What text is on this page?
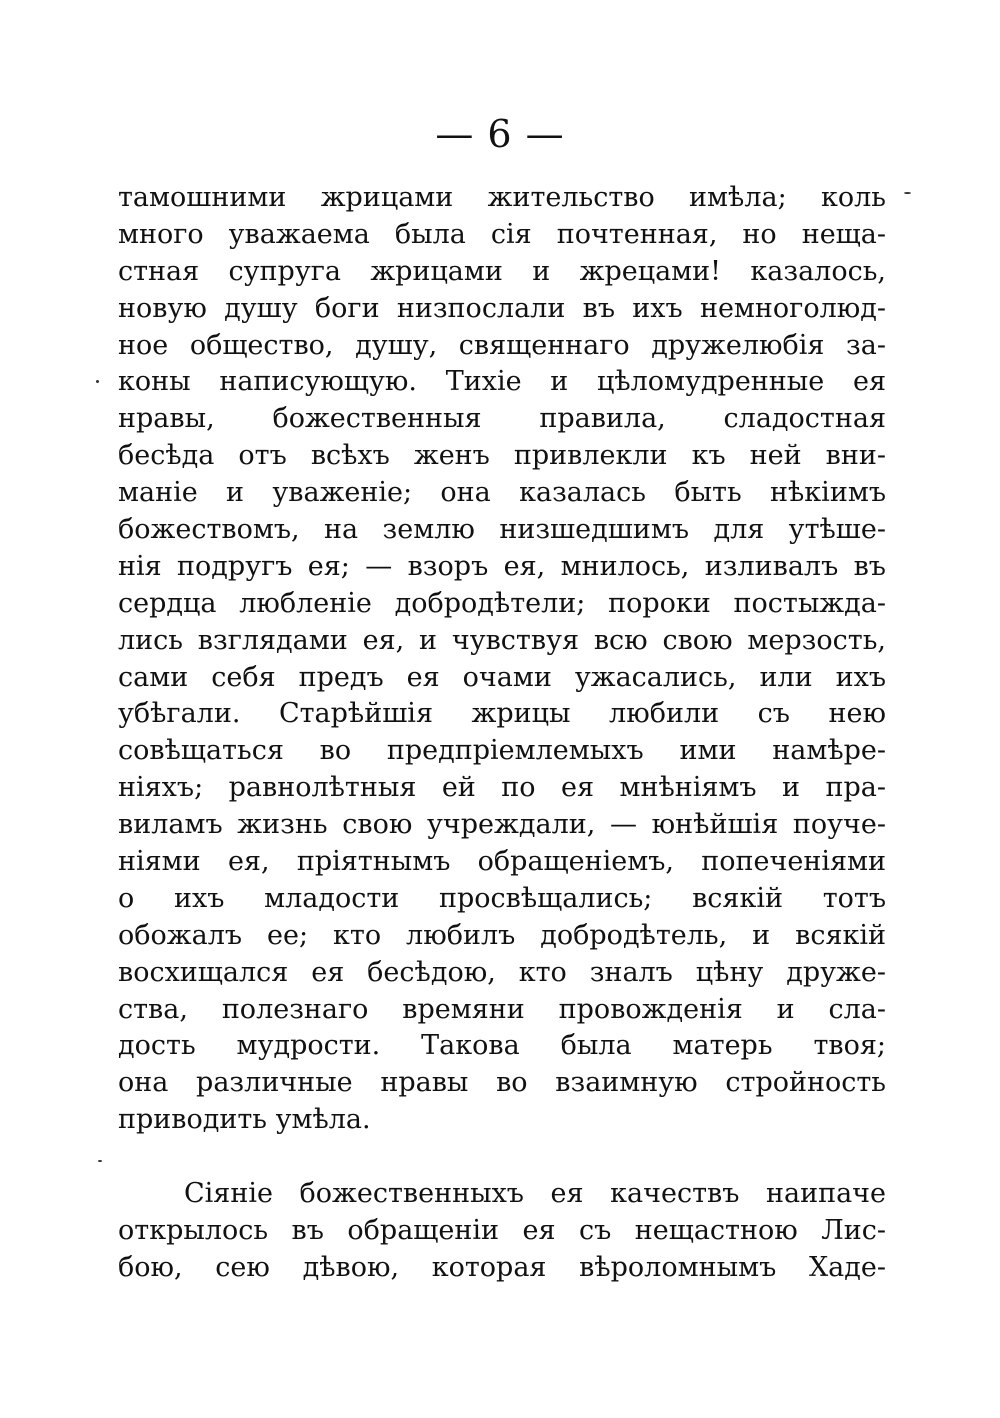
— 6 —
тамошними жрицами жительство имѣла; коль
много уважаема была сія почтенная, но нещa-
стная супруга жрицами и жрецами! казалось,
новую душу боги низпослали въ ихъ немноголюд-
ное общество, душу, священнаго дружелюбія за-
коны написующую. Тихіе и цѣломудренные ея
нравы, божественныя правила, сладостная
бесѣда отъ всѣхъ женъ привлекли къ ней вни-
маніе и уваженіе; она казалась быть нѣкіимъ
божествомъ, на землю низшедшимъ для утѣше-
нія подругъ ея; — взоръ ея, мнилось, изливалъ въ
сердца любленіе добродѣтели; пороки постыжда-
лись взглядами ея, и чувствуя всю свою мерзость,
сами себя предъ ея очами ужасались, или ихъ
убѣгали. Старѣйшія жрицы любили съ нею
совѣщаться во предпріемлемыхъ ими намѣре-
ніяхъ; равнолѣтныя ей по ея мнѣніямъ и пра-
виламъ жизнь свою учреждали, — юнѣйшія поуче-
ніями ея, пріятнымъ обращеніемъ, попеченіями
о ихъ младости просвѣщались; всякій тотъ
обожалъ ее; кто любилъ добродѣтель, и всякій
восхищался ея бесѣдою, кто зналъ цѣну друже-
ства, полезнаго времяни провожденія и сла-
дость мудрости. Такова была матерь твоя;
она различные нравы во взаимную стройность
приводить умѣла.
Сіяніе божественныхъ ея качествъ наипаче
открылось въ обращеніи ея съ нещастною Лис-
бою, сею дѣвою, которая вѣроломнымъ Хаде-
